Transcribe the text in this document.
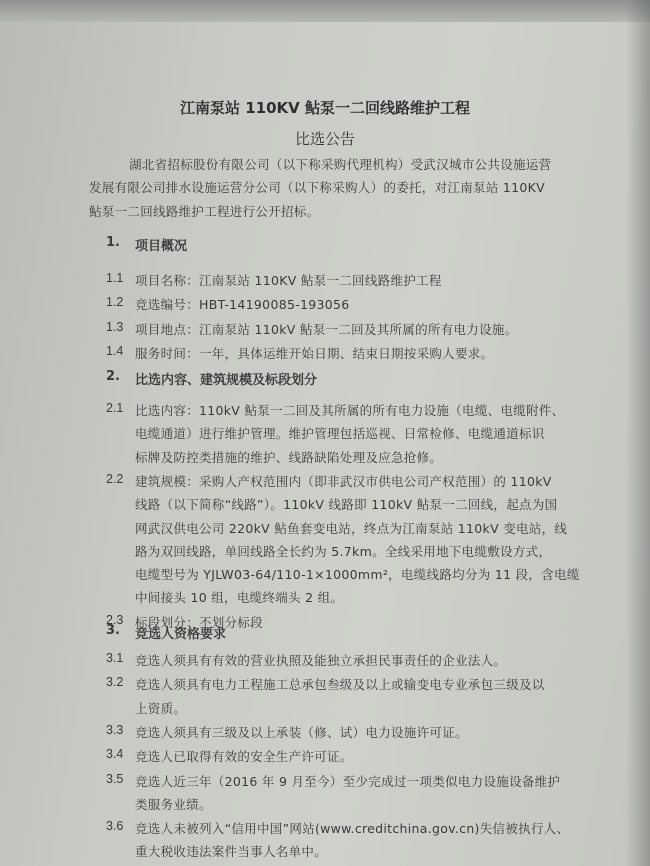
江南泵站 110KV 鲇泵一二回线路维护工程
比选公告
湖北省招标股份有限公司（以下称采购代理机构）受武汉城市公共设施运营
发展有限公司排水设施运营分公司（以下称采购人）的委托，对江南泵站 110KV
鲇泵一二回线路维护工程进行公开招标。
1. 项目概况
1.1 项目名称：江南泵站 110KV 鲇泵一二回线路维护工程
1.2 竞选编号：HBT-14190085-193056
1.3 项目地点：江南泵站 110kV 鲇泵一二回及其所属的所有电力设施。
1.4 服务时间：一年，具体运维开始日期、结束日期按采购人要求。
2. 比选内容、建筑规模及标段划分
2.1 比选内容：110kV 鲇泵一二回及其所属的所有电力设施（电缆、电缆附件、
电缆通道）进行维护管理。维护管理包括巡视、日常检修、电缆通道标识
标牌及防控类措施的维护、线路缺陷处理及应急抢修。
2.2 建筑规模：采购人产权范围内（即非武汉市供电公司产权范围）的 110kV
线路（以下简称“线路”）。110kV 线路即 110kV 鲇泵一二回线，起点为国
网武汉供电公司 220kV 鲇鱼套变电站，终点为江南泵站 110kV 变电站，线
路为双回线路，单回线路全长约为 5.7km。全线采用地下电缆敷设方式，
电缆型号为 YJLW03-64/110-1×1000mm²，电缆线路均分为 11 段，含电缆
中间接头 10 组，电缆终端头 2 组。
2.3 标段划分：不划分标段
3. 竞选人资格要求
3.1 竞选人须具有有效的营业执照及能独立承担民事责任的企业法人。
3.2 竞选人须具有电力工程施工总承包叁级及以上或输变电专业承包三级及以
上资质。
3.3 竞选人须具有三级及以上承装（修、试）电力设施许可证。
3.4 竞选人已取得有效的安全生产许可证。
3.5 竞选人近三年（2016 年 9 月至今）至少完成过一项类似电力设施设备维护
类服务业绩。
3.6 竞选人未被列入“信用中国”网站(www.creditchina.gov.cn)失信被执行人、
重大税收违法案件当事人名单中。
